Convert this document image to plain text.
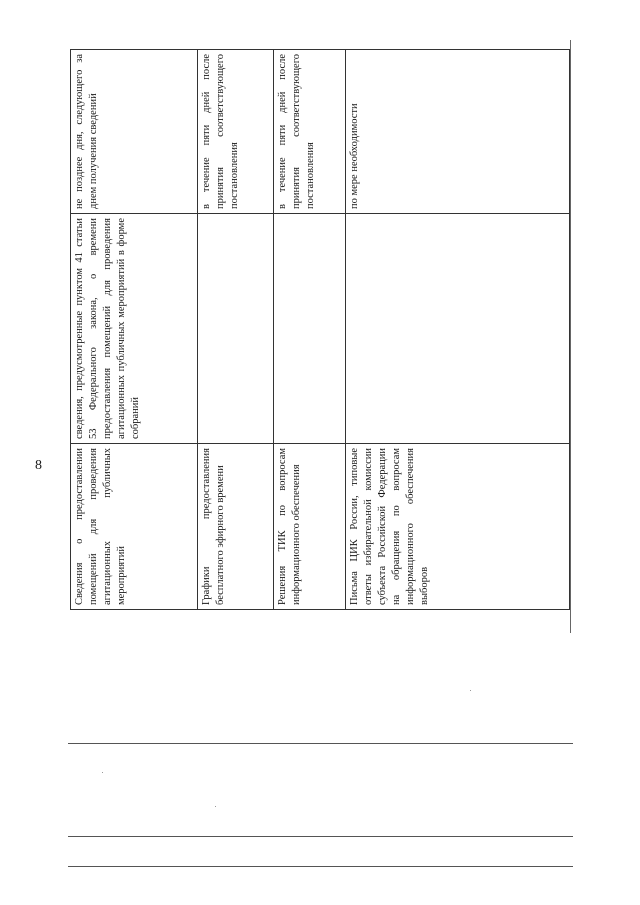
8	Сведения о предоставлении помещений для проведения агитационных публичных мероприятий	сведения, предусмотренные пунктом 41 статьи 53 Федерального закона, о времени предоставления помещений для проведения агитационных публичных мероприятий в форме собраний	не позднее дня, следующего за днем получения сведений
Графики предоставления бесплатного эфирного времени		в течение пяти дней после принятия соответствующего постановления
Решения ТИК по вопросам информационного обеспечения		в течение пяти дней после принятия соответствующего постановления
Письма ЦИК России, типовые ответы избирательной комиссии субъекта Российской Федерации на обращения по вопросам информационного обеспечения выборов		по мере необходимости
